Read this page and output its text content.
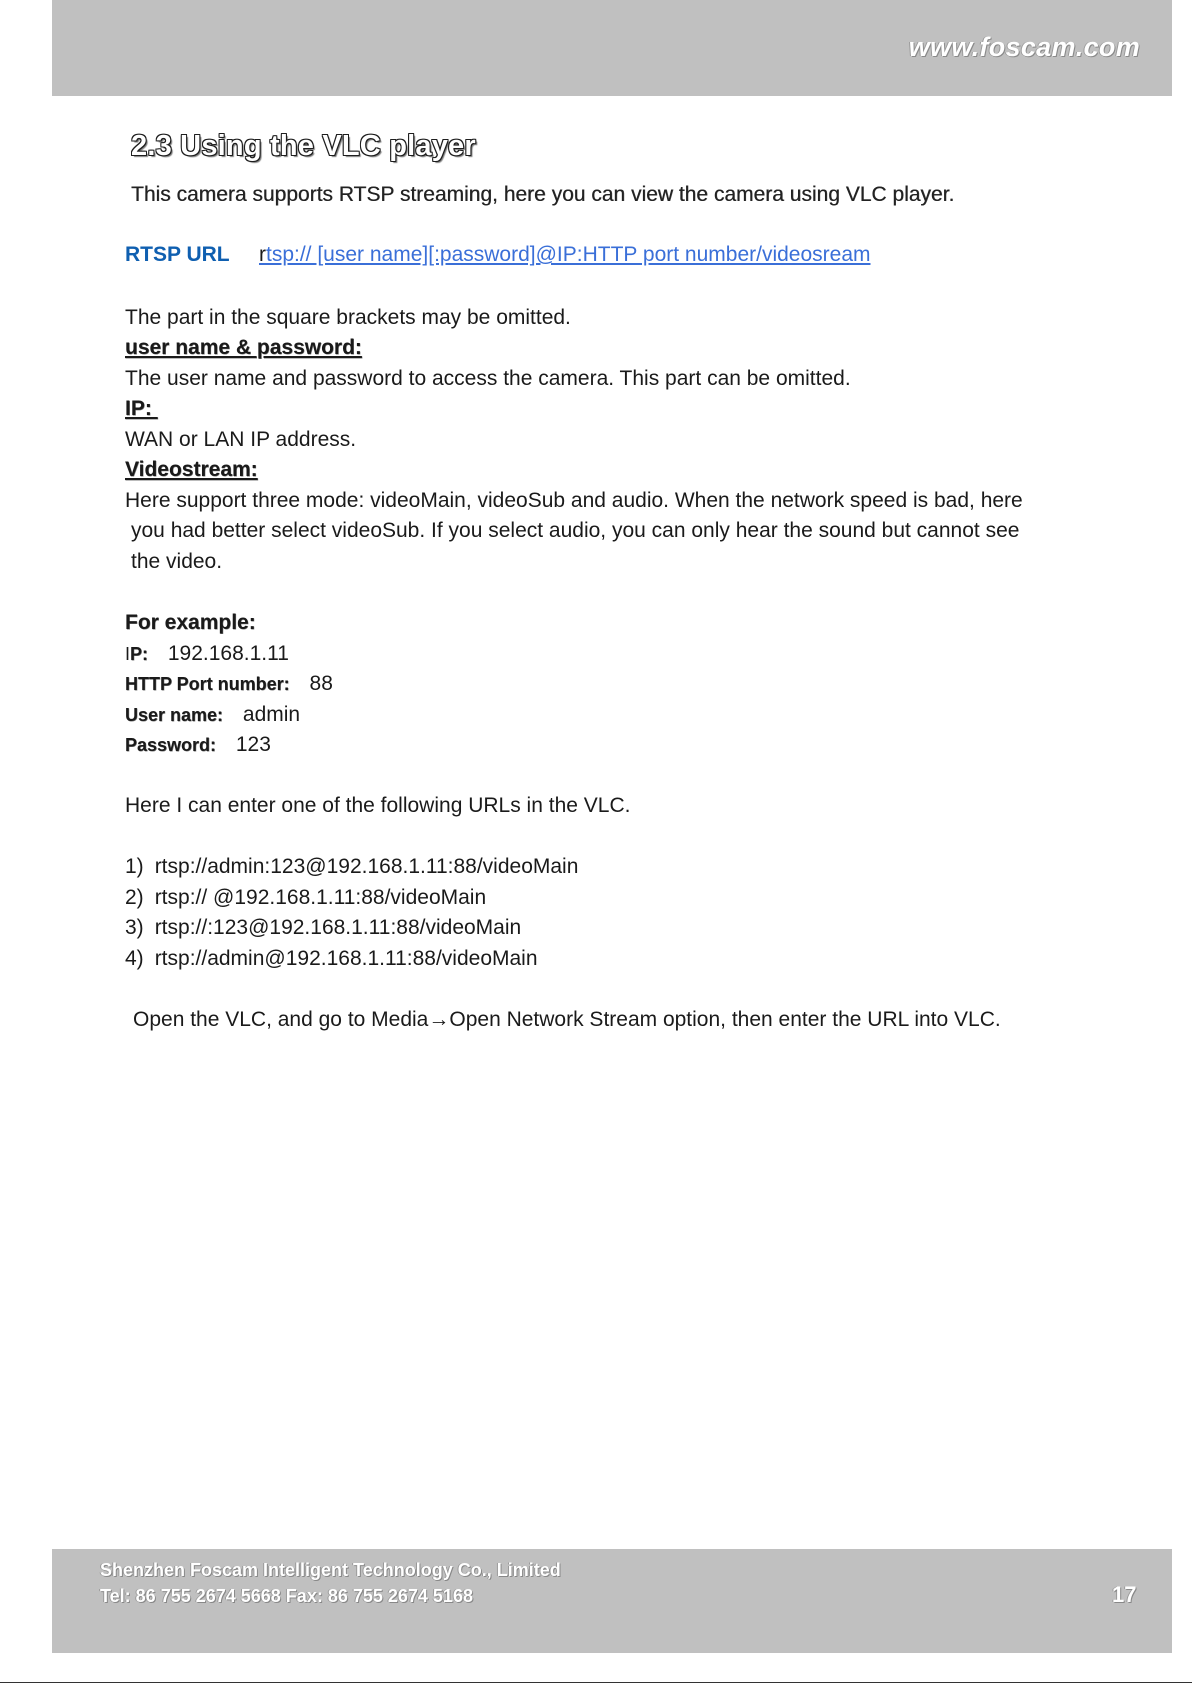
www.foscam.com
2.3 Using the VLC player
This camera supports RTSP streaming, here you can view the camera using VLC player.
RTSP URL rtsp:// [user name][:password]@IP:HTTP port number/videosream
The part in the square brackets may be omitted.
user name & password:
The user name and password to access the camera. This part can be omitted.
IP:
WAN or LAN IP address.
Videostream:
Here support three mode: videoMain, videoSub and audio. When the network speed is bad, here
you had better select videoSub. If you select audio, you can only hear the sound but cannot see
the video.
For example:
IP: 192.168.1.11
HTTP Port number: 88
User name: admin
Password: 123
Here I can enter one of the following URLs in the VLC.
1) rtsp://admin:123@192.168.1.11:88/videoMain
2) rtsp:// @192.168.1.11:88/videoMain
3) rtsp://:123@192.168.1.11:88/videoMain
4) rtsp://admin@192.168.1.11:88/videoMain
Open the VLC, and go to Media→Open Network Stream option, then enter the URL into VLC.
Shenzhen Foscam Intelligent Technology Co., Limited
Tel: 86 755 2674 5668 Fax: 86 755 2674 5168	17
